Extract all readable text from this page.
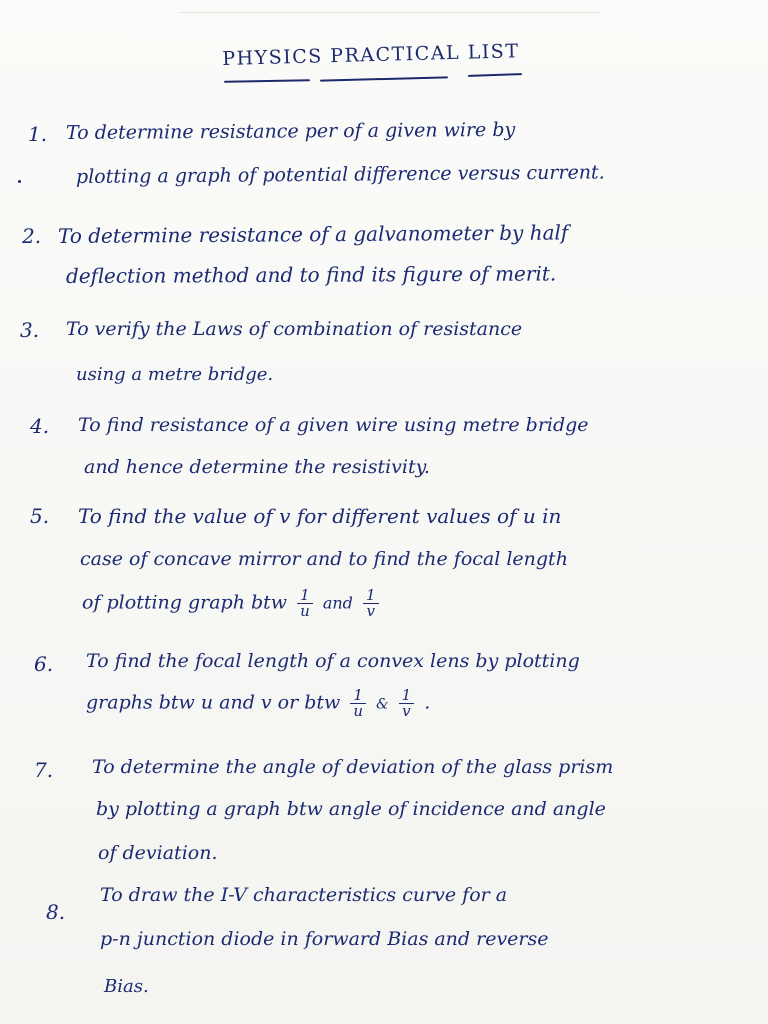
PHYSICS PRACTICAL LIST
1. To determine resistance per of a given wire by
plotting a graph of potential difference versus current.
2. To determine resistance of a galvanometer by half
deflection method and to find its figure of merit.
3. To verify the Laws of combination of resistance
using a metre bridge.
4. To find resistance of a given wire using metre bridge
and hence determine the resistivity.
5. To find the value of v for different values of u in
case of concave mirror and to find the focal length
of plotting graph btw $\frac{1}{u}$ and $\frac{1}{v}$
6. To find the focal length of a convex lens by plotting
graphs btw u and v or btw $\frac{1}{u}$ & $\frac{1}{v}$ .
7. To determine the angle of deviation of the glass prism
by plotting a graph btw angle of incidence and angle
of deviation.
8.
To draw the I-V characteristics curve for a
p-n junction diode in forward Bias and reverse
Bias.
